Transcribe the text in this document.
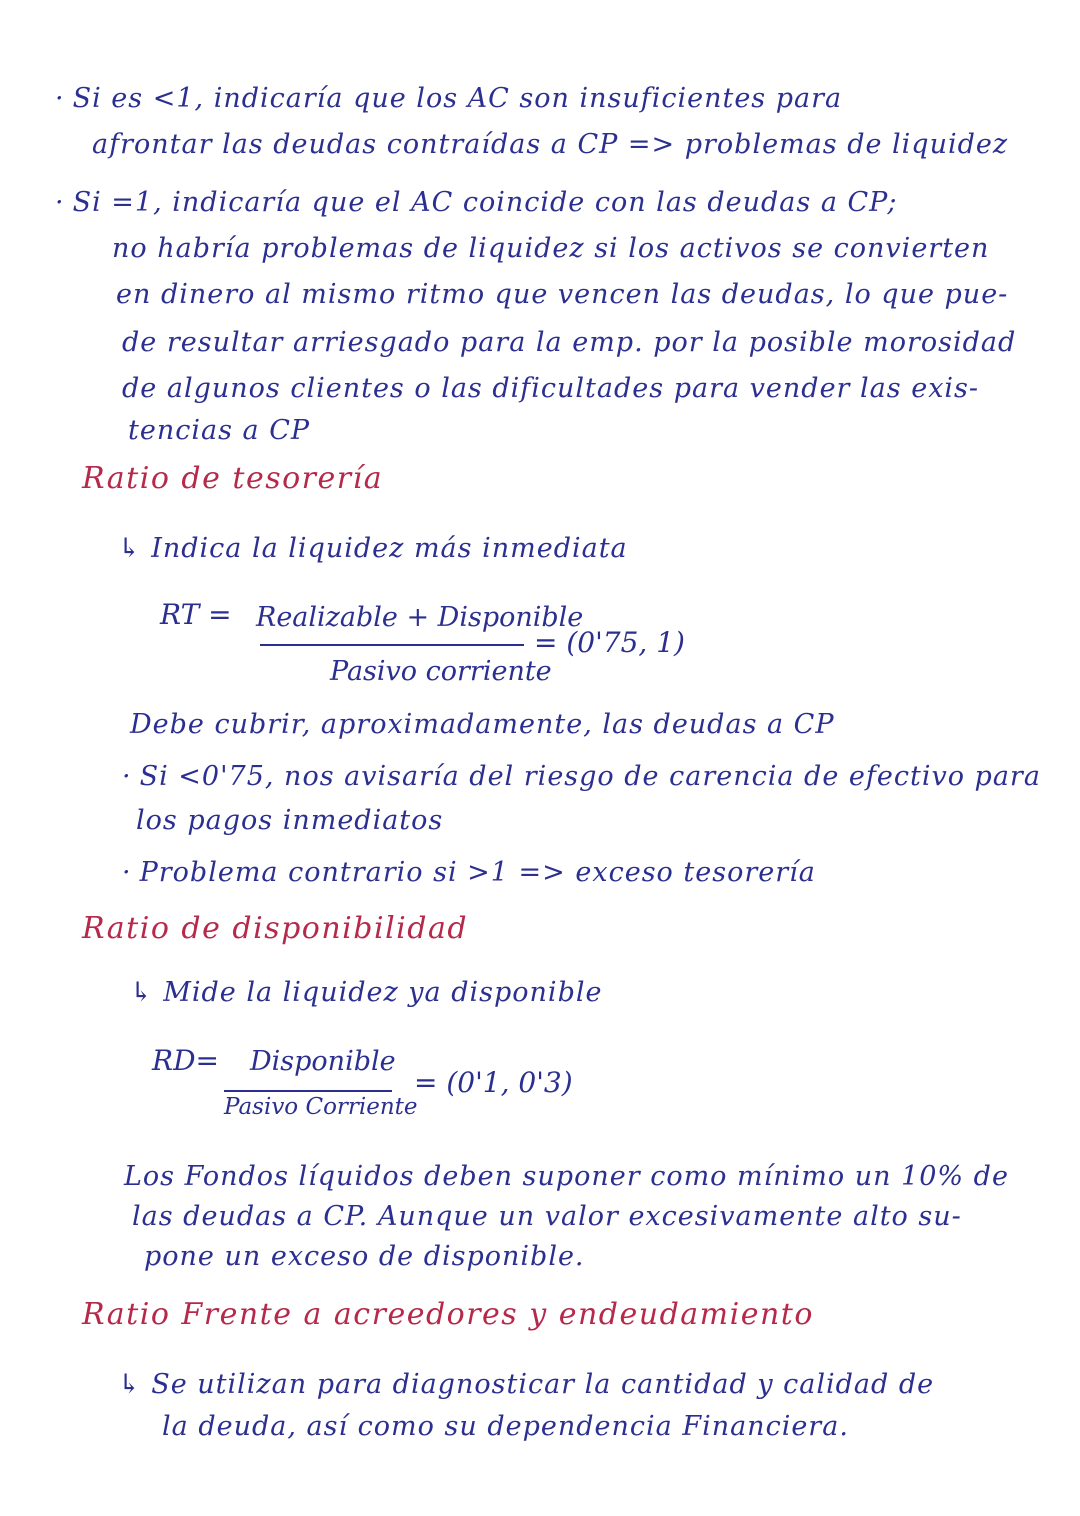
· Si es <1, indicaría que los AC son insuficientes para
afrontar las deudas contraídas a CP => problemas de liquidez
· Si =1, indicaría que el AC coincide con las deudas a CP;
no habría problemas de liquidez si los activos se convierten
en dinero al mismo ritmo que vencen las deudas, lo que pue-
de resultar arriesgado para la emp. por la posible morosidad
de algunos clientes o las dificultades para vender las exis-
tencias a CP
Ratio de tesorería
↳ Indica la liquidez más inmediata
RT = Realizable + Disponible
Pasivo corriente
= (0'75, 1)
Debe cubrir, aproximadamente, las deudas a CP
· Si <0'75, nos avisaría del riesgo de carencia de efectivo para
los pagos inmediatos
· Problema contrario si >1 => exceso tesorería
Ratio de disponibilidad
↳ Mide la liquidez ya disponible
RD= Disponible
Pasivo Corriente
= (0'1, 0'3)
Los Fondos líquidos deben suponer como mínimo un 10% de
las deudas a CP. Aunque un valor excesivamente alto su-
pone un exceso de disponible.
Ratio Frente a acreedores y endeudamiento
↳ Se utilizan para diagnosticar la cantidad y calidad de
la deuda, así como su dependencia Financiera.
